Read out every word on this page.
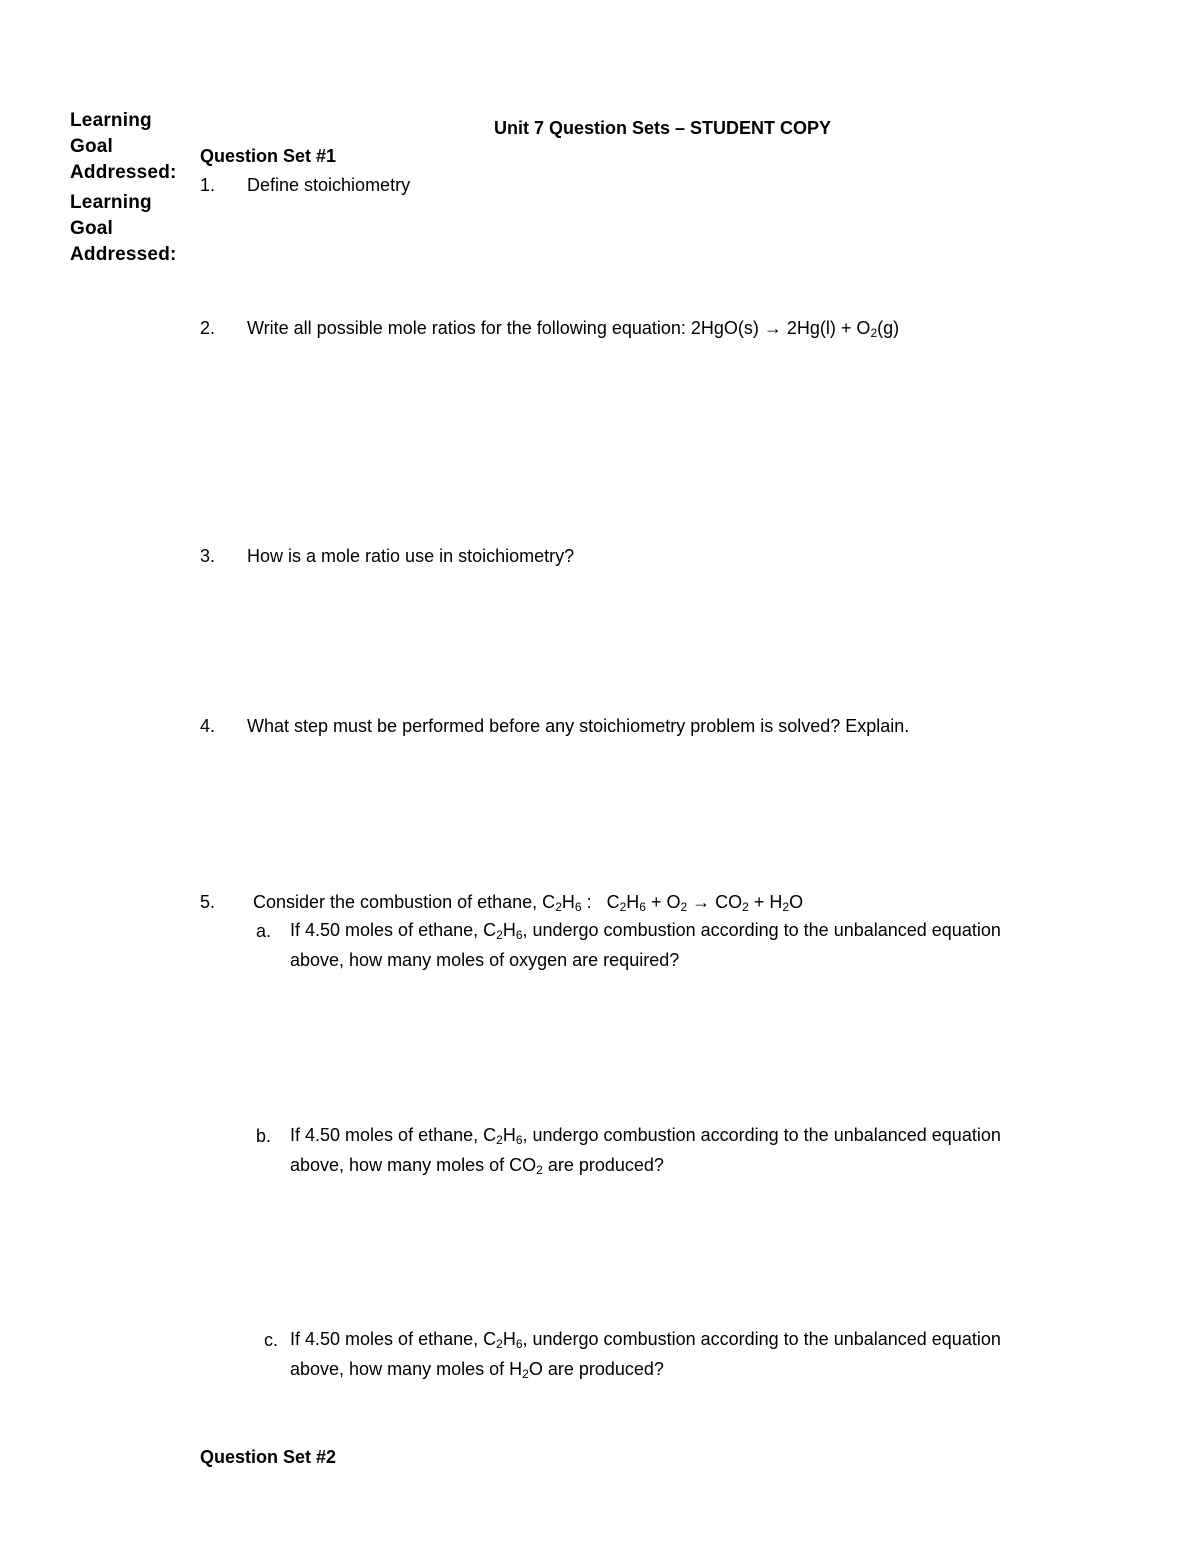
Learning
Goal
Addressed:
Learning
Goal
Addressed:
Unit 7 Question Sets – STUDENT COPY
Question Set #1
1. Define stoichiometry
2. Write all possible mole ratios for the following equation: $2HgO(s) \to 2Hg(l) + O_2(g)$
3. How is a mole ratio use in stoichiometry?
4. What step must be performed before any stoichiometry problem is solved? Explain.
5. Consider the combustion of ethane, $C_2H_6$ :   $C_2H_6 + O_2 \to CO_2 + H_2O$
a. If 4.50 moles of ethane, $C_2H_6$, undergo combustion according to the unbalanced equation
above, how many moles of oxygen are required?
b. If 4.50 moles of ethane, $C_2H_6$, undergo combustion according to the unbalanced equation
above, how many moles of $CO_2$ are produced?
c. If 4.50 moles of ethane, $C_2H_6$, undergo combustion according to the unbalanced equation
above, how many moles of $H_2O$ are produced?
Question Set #2
